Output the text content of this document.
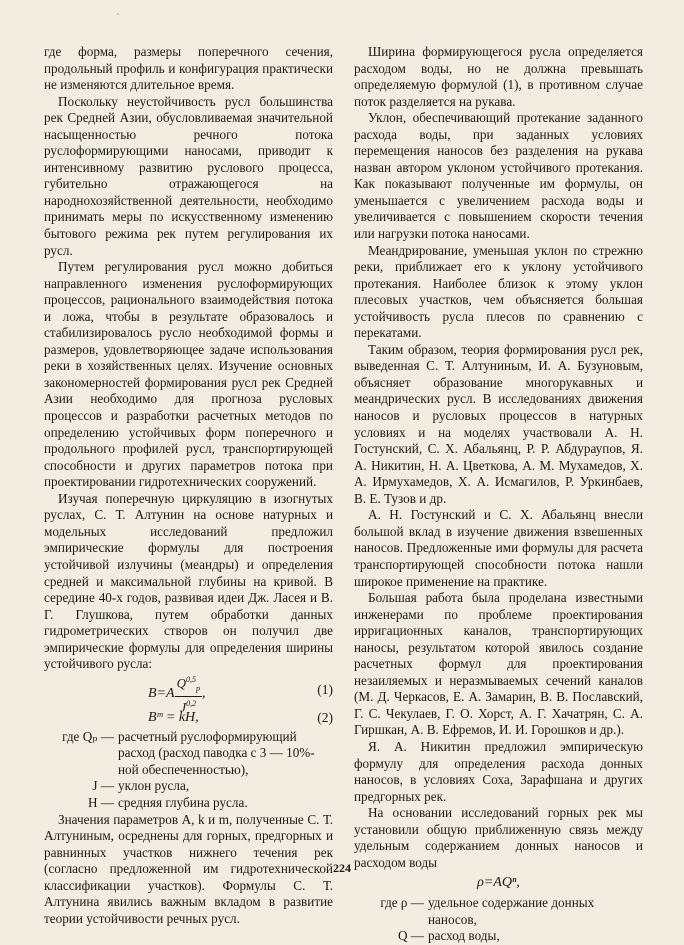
ˇ

где форма, размеры поперечного сечения, продольный профиль и конфигурация практически не изменяются длительное время.

Поскольку неустойчивость русл большинства рек Средней Азии, обусловливаемая значительной насыщенностью речного потока руслоформирующими наносами, приводит к интенсивному развитию руслового процесса, губительно отражающегося на народнохозяйственной деятельности, необходимо принимать меры по искусственному изменению бытового режима рек путем регулирования их русл.

Путем регулирования русл можно добиться направленного изменения руслоформирующих процессов, рационального взаимодействия потока и ложа, чтобы в результате образовалось и стабилизировалось русло необходимой формы и размеров, удовлетворяющее задаче использования реки в хозяйственных целях. Изучение основных закономерностей формирования русл рек Средней Азии необходимо для прогноза русловых процессов и разработки расчетных методов по определению устойчивых форм поперечного и продольного профилей русл, транспортирующей способности и других параметров потока при проектировании гидротехнических сооружений.

Изучая поперечную циркуляцию в изогнутых руслах, С. Т. Алтунин на основе натурных и модельных исследований предложил эмпирические формулы для построения устойчивой излучины (меандры) и определения средней и максимальной глубины на кривой. В середине 40-х годов, развивая идеи Дж. Ласея и В. Г. Глушкова, путем обработки данных гидрометрических створов он получил две эмпирические формулы для определения ширины устойчивого русла:

$B=A \frac{Q^{0,5}_p}{J^{0,2}}$ ,	(1)
Bᵐ = kH,	(2)
где Qₚ — расчетный руслоформирующий расход (расход паводка с 3 — 10%-ной обеспеченностью),
J — уклон русла,
H — средняя глубина русла.

Значения параметров A, k и m, полученные С. Т. Алтуниным, осреднены для горных, предгорных и равнинных участков нижнего течения рек (согласно предложенной им гидротехнической классификации участков). Формулы С. Т. Алтунина явились важным вкладом в развитие теории устойчивости речных русл.

Ширина формирующегося русла определяется расходом воды, но не должна превышать определяемую формулой (1), в противном случае поток разделяется на рукава.

Уклон, обеспечивающий протекание заданного расхода воды, при заданных условиях перемещения наносов без разделения на рукава назван автором уклоном устойчивого протекания. Как показывают полученные им формулы, он уменьшается с увеличением расхода воды и увеличивается с повышением скорости течения или нагрузки потока наносами.

Меандрирование, уменьшая уклон по стрежню реки, приближает его к уклону устойчивого протекания. Наиболее близок к этому уклон плесовых участков, чем объясняется большая устойчивость русла плесов по сравнению с перекатами.

Таким образом, теория формирования русл рек, выведенная С. Т. Алтуниным, И. А. Бузуновым, объясняет образование многорукавных и меандрических русл. В исследованиях движения наносов и русловых процессов в натурных условиях и на моделях участвовали А. Н. Гостунский, С. Х. Абальянц, Р. Р. Абдураупов, Я. А. Никитин, Н. А. Цветкова, А. М. Мухамедов, Х. А. Ирмухамедов, Х. А. Исмагилов, Р. Уркинбаев, В. Е. Тузов и др.

А. Н. Гостунский и С. Х. Абальянц внесли большой вклад в изучение движения взвешенных наносов. Предложенные ими формулы для расчета транспортирующей способности потока нашли широкое применение на практике.

Большая работа была проделана известными инженерами по проблеме проектирования ирригационных каналов, транспортирующих наносы, результатом которой явилось создание расчетных формул для проектирования незаиляемых и неразмываемых сечений каналов (М. Д. Черкасов, Е. А. Замарин, В. В. Пославский, Г. С. Чекулаев, Г. О. Хорст, А. Г. Хачатрян, С. А. Гиршкан, А. В. Ефремов, И. И. Горошков и др.).

Я. А. Никитин предложил эмпирическую формулу для определения расхода донных наносов, в условиях Соха, Зарафшана и других предгорных рек.

На основании исследований горных рек мы установили общую приближенную связь между удельным содержанием донных наносов и расходом воды

ρ=AQⁿ,
где ρ — удельное содержание донных наносов,
Q — расход воды,
224
